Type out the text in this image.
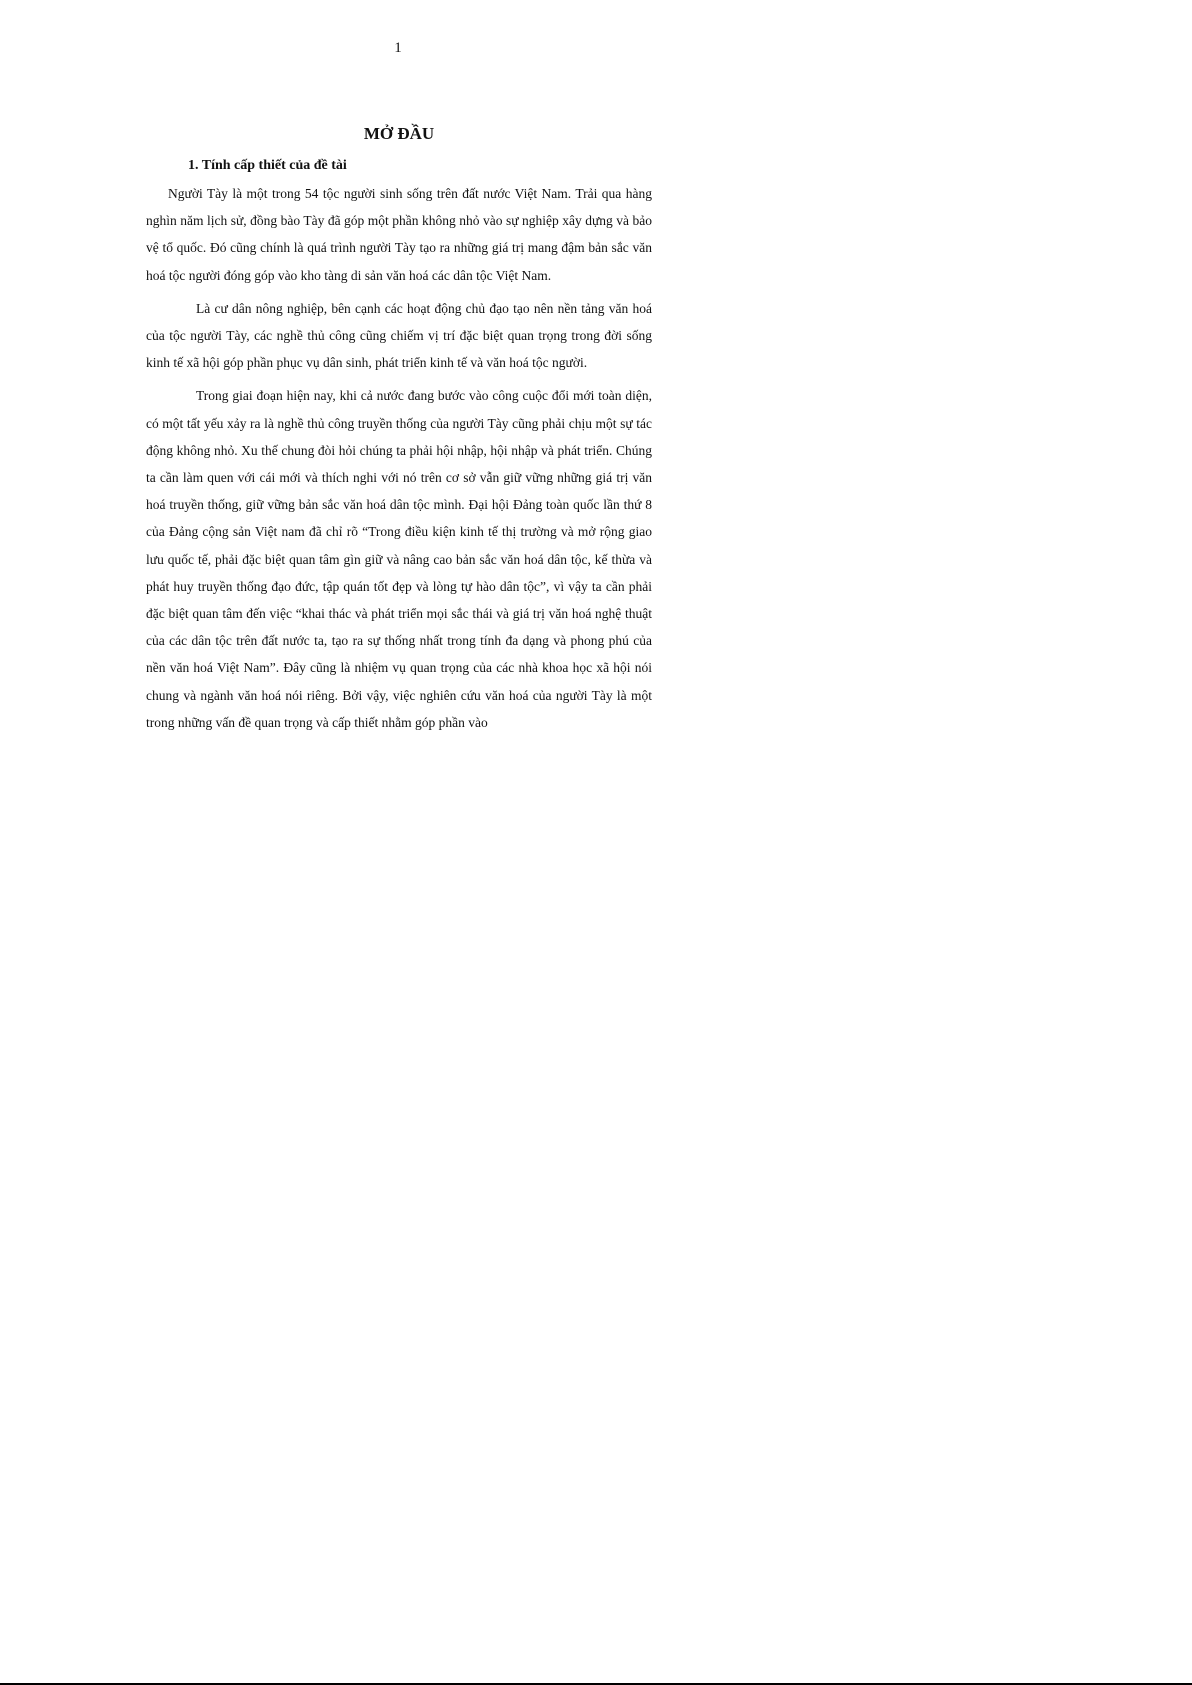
1
MỞ ĐẦU
1. Tính cấp thiết của đề tài

Người Tày là một trong 54 tộc người sinh sống trên đất nước Việt Nam. Trải qua hàng nghìn năm lịch sử, đồng bào Tày đã góp một phần không nhỏ vào sự nghiệp xây dựng và bảo vệ tổ quốc. Đó cũng chính là quá trình người Tày tạo ra những giá trị mang đậm bản sắc văn hoá tộc người đóng góp vào kho tàng di sản văn hoá các dân tộc Việt Nam.

Là cư dân nông nghiệp, bên cạnh các hoạt động chủ đạo tạo nên nền tảng văn hoá của tộc người Tày, các nghề thủ công cũng chiếm vị trí đặc biệt quan trọng trong đời sống kinh tế xã hội góp phần phục vụ dân sinh, phát triển kinh tế và văn hoá tộc người.

Trong giai đoạn hiện nay, khi cả nước đang bước vào công cuộc đổi mới toàn diện, có một tất yếu xảy ra là nghề thủ công truyền thống của người Tày cũng phải chịu một sự tác động không nhỏ. Xu thế chung đòi hỏi chúng ta phải hội nhập, hội nhập và phát triển. Chúng ta cần làm quen với cái mới và thích nghi với nó trên cơ sở vẫn giữ vững những giá trị văn hoá truyền thống, giữ vững bản sắc văn hoá dân tộc mình. Đại hội Đảng toàn quốc lần thứ 8 của Đảng cộng sản Việt nam đã chỉ rõ “Trong điều kiện kinh tế thị trường và mở rộng giao lưu quốc tế, phải đặc biệt quan tâm gìn giữ và nâng cao bản sắc văn hoá dân tộc, kế thừa và phát huy truyền thống đạo đức, tập quán tốt đẹp và lòng tự hào dân tộc”, vì vậy ta cần phải đặc biệt quan tâm đến việc “khai thác và phát triển mọi sắc thái và giá trị văn hoá nghệ thuật của các dân tộc trên đất nước ta, tạo ra sự thống nhất trong tính đa dạng và phong phú của nền văn hoá Việt Nam”. Đây cũng là nhiệm vụ quan trọng của các nhà khoa học xã hội nói chung và ngành văn hoá nói riêng. Bởi vậy, việc nghiên cứu văn hoá của người Tày là một trong những vấn đề quan trọng và cấp thiết nhằm góp phần vào
